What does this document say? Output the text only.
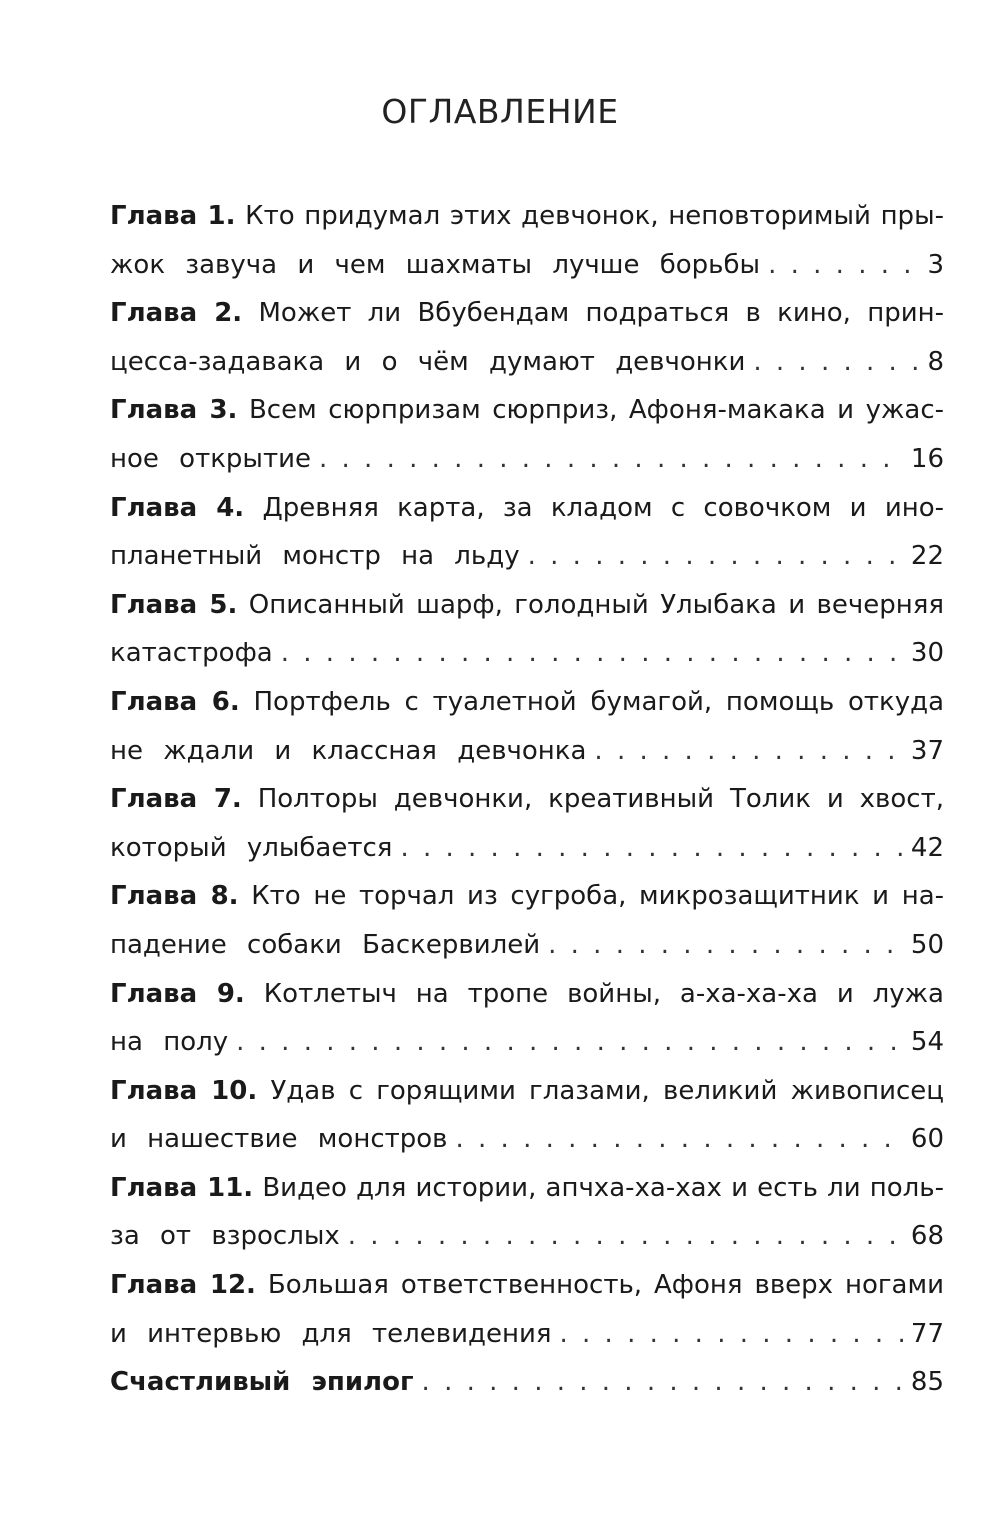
ОГЛАВЛЕНИЕ
Глава 1. Кто придумал этих девчонок, неповторимый пры-
жок завуча и чем шахматы лучше борьбы . . .	3
Глава 2. Может ли Вбубендам подраться в кино, прин-
цесса-задавака и о чём думают девчонки . . .	8
Глава 3. Всем сюрпризам сюрприз, Афоня-макака и ужас-
ное открытие . . .	16
Глава 4. Древняя карта, за кладом с совочком и ино-
планетный монстр на льду . . .	22
Глава 5. Описанный шарф, голодный Улыбака и вечерняя
катастрофа . . .	30
Глава 6. Портфель с туалетной бумагой, помощь откуда
не ждали и классная девчонка . . .	37
Глава 7. Полторы девчонки, креативный Толик и хвост,
который улыбается . . .	42
Глава 8. Кто не торчал из сугроба, микрозащитник и на-
падение собаки Баскервилей . . .	50
Глава 9. Котлетыч на тропе войны, а-ха-ха-ха и лужа
на полу . . .	54
Глава 10. Удав с горящими глазами, великий живописец
и нашествие монстров . . .	60
Глава 11. Видео для истории, апчха-ха-хах и есть ли поль-
за от взрослых . . .	68
Глава 12. Большая ответственность, Афоня вверх ногами
и интервью для телевидения . . .	77
Счастливый эпилог . . .	85
